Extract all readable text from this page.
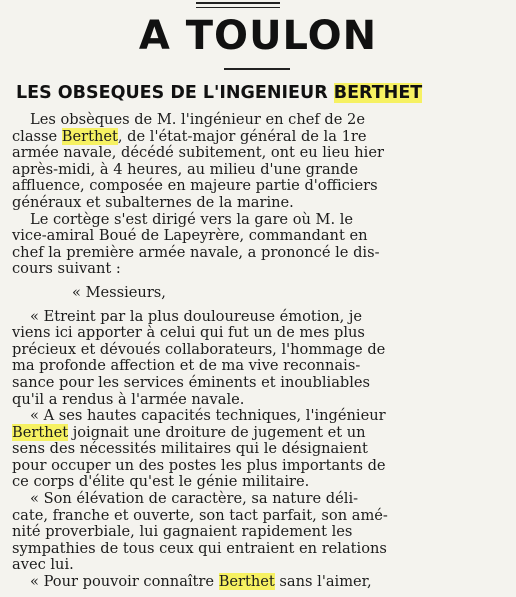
A TOULON
LES OBSEQUES DE L'INGENIEUR BERTHET
Les obsèques de M. l'ingénieur en chef de 2e
classe Berthet, de l'état-major général de la 1re
armée navale, décédé subitement, ont eu lieu hier
après-midi, à 4 heures, au milieu d'une grande
affluence, composée en majeure partie d'officiers
généraux et subalternes de la marine.
Le cortège s'est dirigé vers la gare où M. le
vice-amiral Boué de Lapeyrère, commandant en
chef la première armée navale, a prononcé le dis-
cours suivant :
« Messieurs,
« Etreint par la plus douloureuse émotion, je
viens ici apporter à celui qui fut un de mes plus
précieux et dévoués collaborateurs, l'hommage de
ma profonde affection et de ma vive reconnais-
sance pour les services éminents et inoubliables
qu'il a rendus à l'armée navale.
« A ses hautes capacités techniques, l'ingénieur
Berthet joignait une droiture de jugement et un
sens des nécessités militaires qui le désignaient
pour occuper un des postes les plus importants de
ce corps d'élite qu'est le génie militaire.
« Son élévation de caractère, sa nature déli-
cate, franche et ouverte, son tact parfait, son amé-
nité proverbiale, lui gagnaient rapidement les
sympathies de tous ceux qui entraient en relations
avec lui.
« Pour pouvoir connaître Berthet sans l'aimer,
